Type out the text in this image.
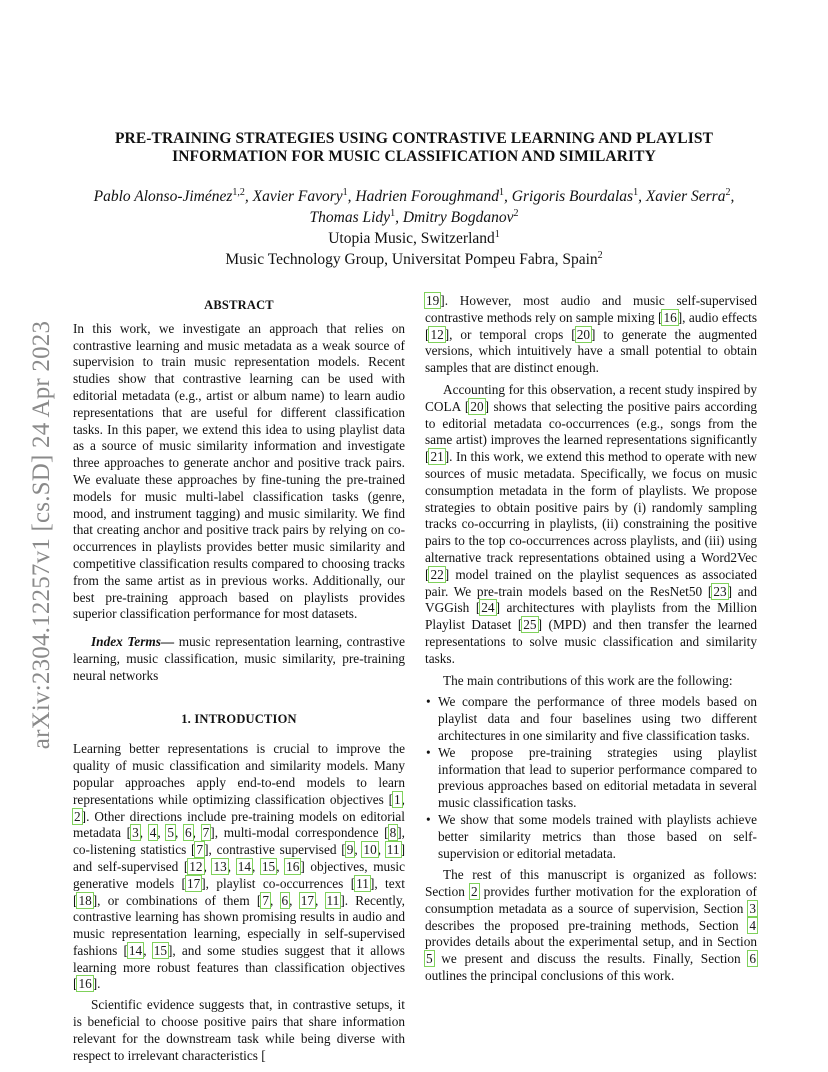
arXiv:2304.12257v1 [cs.SD] 24 Apr 2023
PRE-TRAINING STRATEGIES USING CONTRASTIVE LEARNING AND PLAYLIST
INFORMATION FOR MUSIC CLASSIFICATION AND SIMILARITY
Pablo Alonso-Jiménez$^{1,2}$, Xavier Favory$^1$, Hadrien Foroughmand$^1$, Grigoris Bourdalas$^1$, Xavier Serra$^2$,
Thomas Lidy$^1$, Dmitry Bogdanov$^2$
Utopia Music, Switzerland$^1$
Music Technology Group, Universitat Pompeu Fabra, Spain$^2$
ABSTRACT

In this work, we investigate an approach that relies on contrastive learning and music metadata as a weak source of supervision to train music representation models. Recent studies show that contrastive learning can be used with editorial metadata (e.g., artist or album name) to learn audio representations that are useful for different classification tasks. In this paper, we extend this idea to using playlist data as a source of music similarity information and investigate three approaches to generate anchor and positive track pairs. We evaluate these approaches by fine-tuning the pre-trained models for music multi-label classification tasks (genre, mood, and instrument tagging) and music similarity. We find that creating anchor and positive track pairs by relying on co-occurrences in playlists provides better music similarity and competitive classification results compared to choosing tracks from the same artist as in previous works. Additionally, our best pre-training approach based on playlists provides superior classification performance for most datasets.

Index Terms— music representation learning, contrastive learning, music classification, music similarity, pre-training neural networks

1. INTRODUCTION

Learning better representations is crucial to improve the quality of music classification and similarity models. Many popular approaches apply end-to-end models to learn representations while optimizing classification objectives [1, 2]. Other directions include pre-training models on editorial metadata [3, 4, 5, 6, 7], multi-modal correspondence [8], co-listening statistics [7], contrastive supervised [9, 10, 11] and self-supervised [12, 13, 14, 15, 16] objectives, music generative models [17], playlist co-occurrences [11], text [18], or combinations of them [7, 6, 17, 11]. Recently, contrastive learning has shown promising results in audio and music representation learning, especially in self-supervised fashions [14, 15], and some studies suggest that it allows learning more robust features than classification objectives [16].

Scientific evidence suggests that, in contrastive setups, it is beneficial to choose positive pairs that share information relevant for the downstream task while being diverse with respect to irrelevant characteristics [

19]. However, most audio and music self-supervised contrastive methods rely on sample mixing [16], audio effects [12], or temporal crops [20] to generate the augmented versions, which intuitively have a small potential to obtain samples that are distinct enough.

Accounting for this observation, a recent study inspired by COLA [20] shows that selecting the positive pairs according to editorial metadata co-occurrences (e.g., songs from the same artist) improves the learned representations significantly [21]. In this work, we extend this method to operate with new sources of music metadata. Specifically, we focus on music consumption metadata in the form of playlists. We propose strategies to obtain positive pairs by (i) randomly sampling tracks co-occurring in playlists, (ii) constraining the positive pairs to the top co-occurrences across playlists, and (iii) using alternative track representations obtained using a Word2Vec [22] model trained on the playlist sequences as associated pair. We pre-train models based on the ResNet50 [23] and VGGish [24] architectures with playlists from the Million Playlist Dataset [25] (MPD) and then transfer the learned representations to solve music classification and similarity tasks.

The main contributions of this work are the following:

• We compare the performance of three models based on playlist data and four baselines using two different architectures in one similarity and five classification tasks.
• We propose pre-training strategies using playlist information that lead to superior performance compared to previous approaches based on editorial metadata in several music classification tasks.
• We show that some models trained with playlists achieve better similarity metrics than those based on self-supervision or editorial metadata.

The rest of this manuscript is organized as follows: Section 2 provides further motivation for the exploration of consumption metadata as a source of supervision, Section 3 describes the proposed pre-training methods, Section 4 provides details about the experimental setup, and in Section 5 we present and discuss the results. Finally, Section 6 outlines the principal conclusions of this work.
